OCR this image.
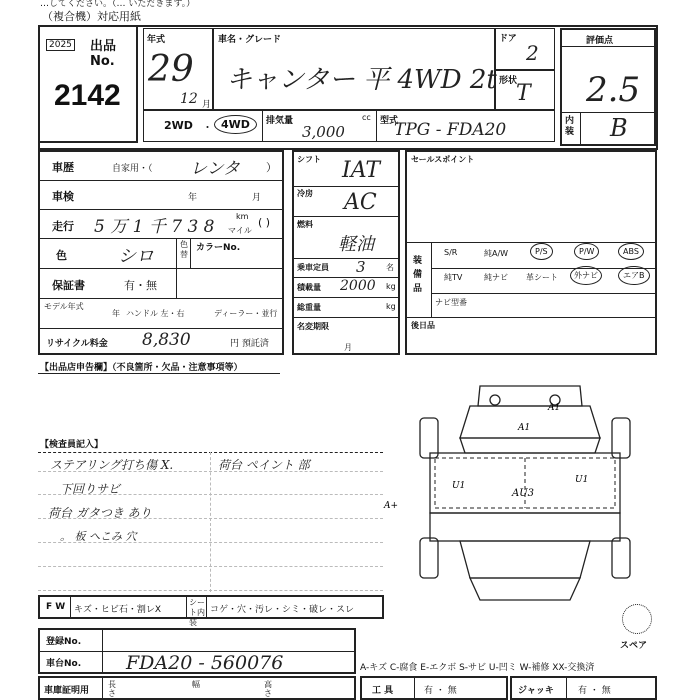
…してください。（… いただきます。）
（複合機）対応用紙
2025 出品No.
2142
年式
29
12 月
車名・グレード
キャンター 平 4WD 2t
ドア
2
形状
T
2WD ・ 4WD	排気量	cc
3,000
型式
TPG - FDA20
評価点
2.5
内装 B
車歴	自家用・（ レンタ ）
車検	年	月
走行 5 万 1 千 7 3 8
km
マイル
( )
色	シロ
色替
カラーNo.
保証書	有・無
モデル年式
年 ハンドル 左・右	ディーラー・並行
リサイクル料金 8,830	円 預託済
シフト IAT
冷房 AC
燃料
軽油
乗車定員 3	名
積載量 2000 kg
総重量	kg
名変期限
月
セールスポイント
装備品
ナビ型番
後日品
S/R	純A/W	P/S	P/W	ABS
純TV	純ナビ 革シート	外ナビ	エアB
【出品店申告欄】（不良箇所・欠品・注意事項等）
【検査員記入】
ステアリング打ち傷 X.
下回りサビ
荷台 ガタつき あり
。 板 へこみ 穴
荷台 ペイント 部
A1
A1
U1
U1
AU3
A+
スペア
F W キズ・ヒビ石・割レX
シート内装
コゲ・穴・汚レ・シミ・破レ・スレ
登録No.
車台No. FDA20 - 560076	A-キズ C-腐食 E-エクボ S-サビ U-凹ミ W-補修 XX-交換済
車庫証明用
長さ
幅	高さ	工 具	有 ・ 無	ジャッキ	有 ・ 無
